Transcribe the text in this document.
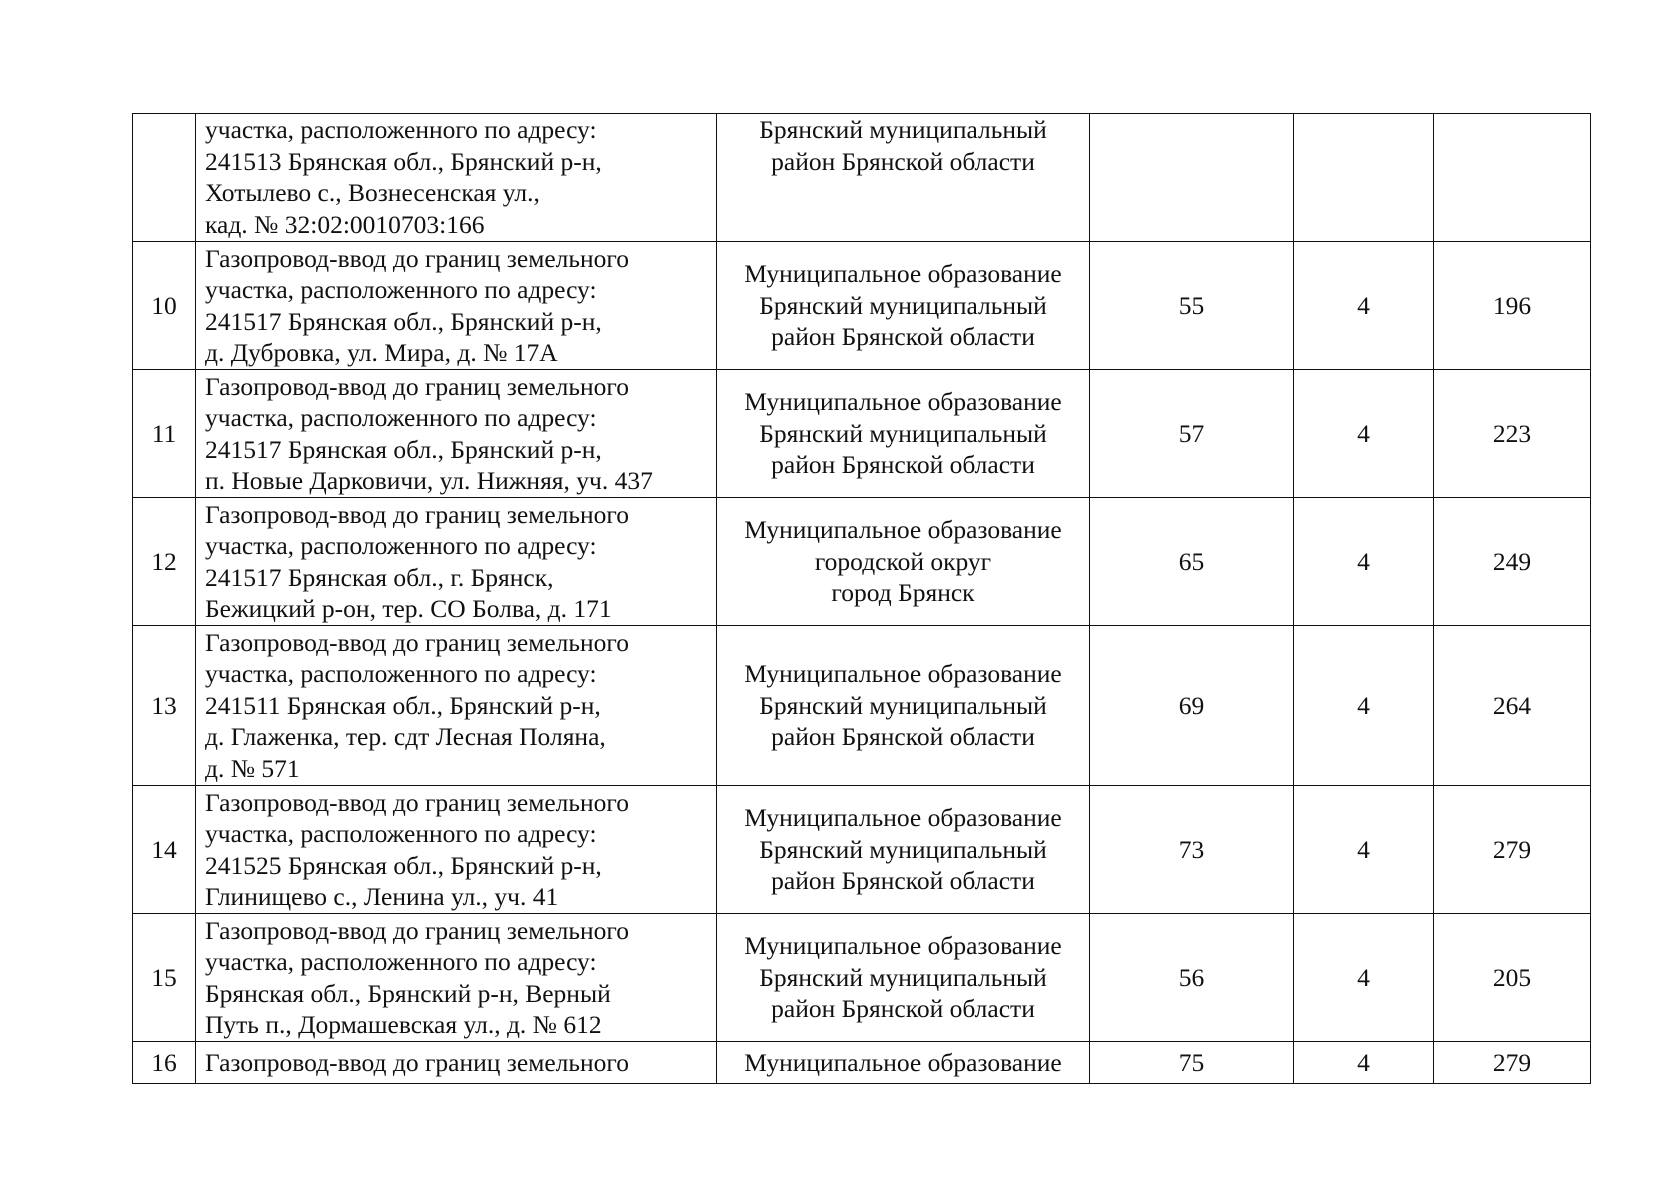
	участка, расположенного по адресу:
241513 Брянская обл., Брянский р-н,
Хотылево с., Вознесенская ул.,
кад. № 32:02:0010703:166	Брянский муниципальный
район Брянской области			

10	Газопровод-ввод до границ земельного
участка, расположенного по адресу:
241517 Брянская обл., Брянский р-н,
д. Дубровка, ул. Мира, д. № 17А	Муниципальное образование
Брянский муниципальный
район Брянской области	55	4	196
11	Газопровод-ввод до границ земельного
участка, расположенного по адресу:
241517 Брянская обл., Брянский р-н,
п. Новые Дарковичи, ул. Нижняя, уч. 437	Муниципальное образование
Брянский муниципальный
район Брянской области	57	4	223
12	Газопровод-ввод до границ земельного
участка, расположенного по адресу:
241517 Брянская обл., г. Брянск,
Бежицкий р-он, тер. СО Болва, д. 171	Муниципальное образование
городской округ
город Брянск	65	4	249
13	Газопровод-ввод до границ земельного
участка, расположенного по адресу:
241511 Брянская обл., Брянский р-н,
д. Глаженка, тер. сдт Лесная Поляна,
д. № 571	Муниципальное образование
Брянский муниципальный
район Брянской области	69	4	264
14	Газопровод-ввод до границ земельного
участка, расположенного по адресу:
241525 Брянская обл., Брянский р-н,
Глинищево с., Ленина ул., уч. 41	Муниципальное образование
Брянский муниципальный
район Брянской области	73	4	279
15	Газопровод-ввод до границ земельного
участка, расположенного по адресу:
Брянская обл., Брянский р-н, Верный
Путь п., Дормашевская ул., д. № 612	Муниципальное образование
Брянский муниципальный
район Брянской области	56	4	205
16	Газопровод-ввод до границ земельного	Муниципальное образование	75	4	279
